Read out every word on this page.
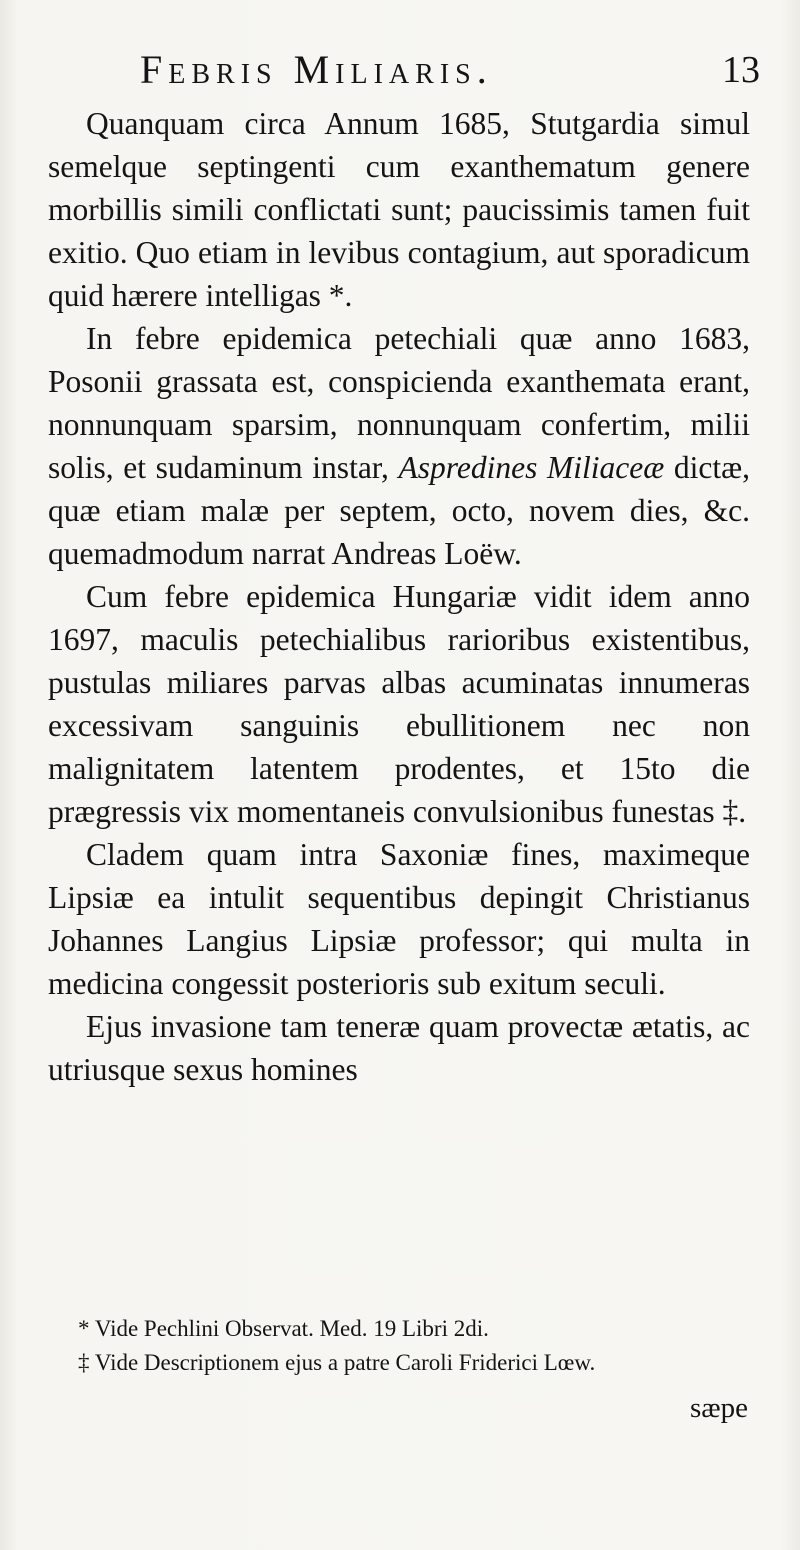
Febris Miliaris.	13

Quanquam circa Annum 1685, Stutgardia simul semelque septingenti cum exanthematum genere morbillis simili conflictati sunt; paucissimis tamen fuit exitio. Quo etiam in levibus contagium, aut sporadicum quid hærere intelligas *.

In febre epidemica petechiali quæ anno 1683, Posonii grassata est, conspicienda exanthemata erant, nonnunquam sparsim, nonnunquam confertim, milii solis, et sudaminum instar, Aspredines Miliaceæ dictæ, quæ etiam malæ per septem, octo, novem dies, &c. quemadmodum narrat Andreas Loëw.

Cum febre epidemica Hungariæ vidit idem anno 1697, maculis petechialibus rarioribus existentibus, pustulas miliares parvas albas acuminatas innumeras excessivam sanguinis ebullitionem nec non malignitatem latentem prodentes, et 15to die prægressis vix momentaneis convulsionibus funestas ‡.

Cladem quam intra Saxoniæ fines, maximeque Lipsiæ ea intulit sequentibus depingit Christianus Johannes Langius Lipsiæ professor; qui multa in medicina congessit posterioris sub exitum seculi.

Ejus invasione tam teneræ quam provectæ ætatis, ac utriusque sexus homines

* Vide Pechlini Observat. Med. 19 Libri 2di.

‡ Vide Descriptionem ejus a patre Caroli Friderici Lœw.

sæpe
